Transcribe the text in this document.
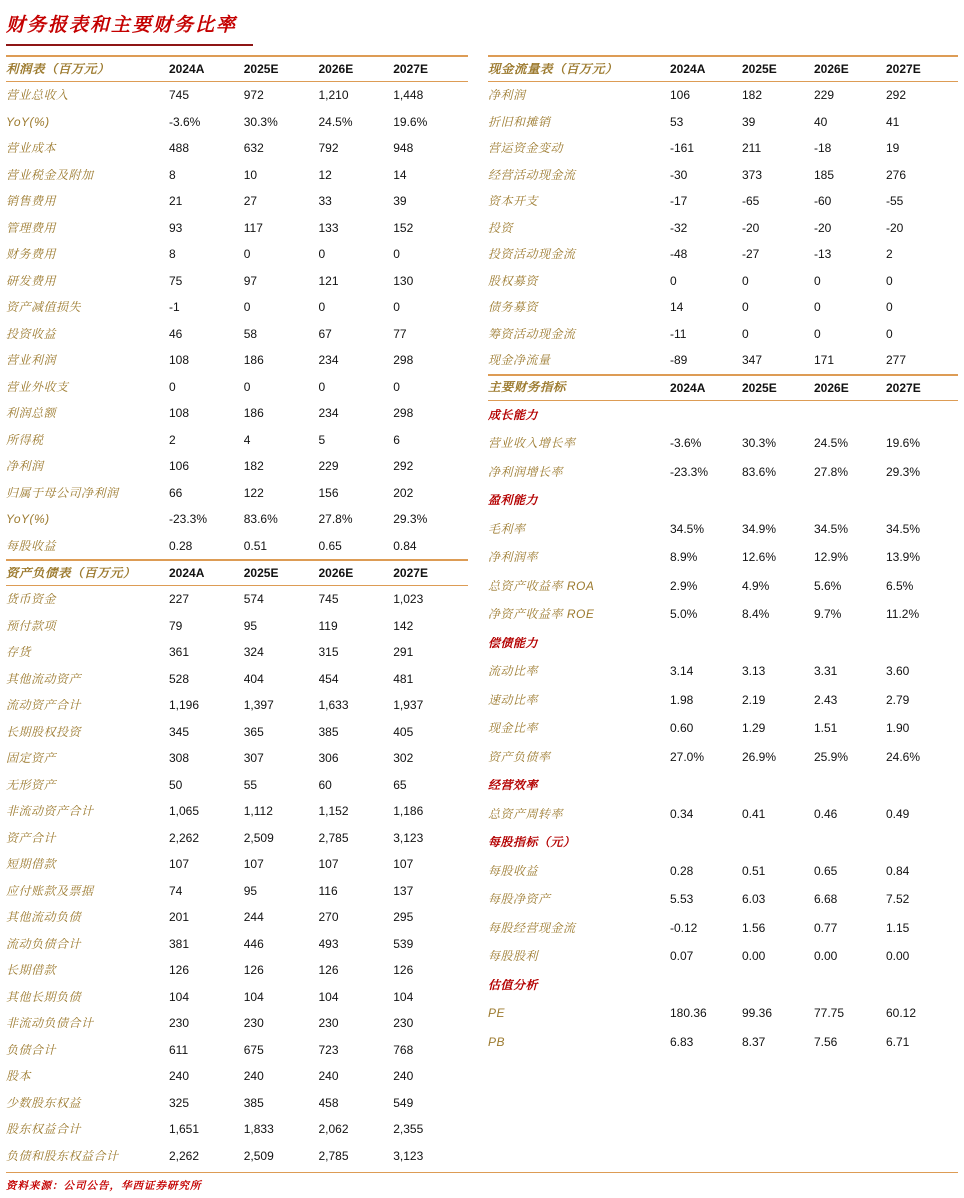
财务报表和主要财务比率
利润表（百万元）	2024A	2025E	2026E	2027E
营业总收入	745	972	1,210	1,448
YoY(%)	-3.6%	30.3%	24.5%	19.6%
营业成本	488	632	792	948
营业税金及附加	8	10	12	14
销售费用	21	27	33	39
管理费用	93	117	133	152
财务费用	8	0	0	0
研发费用	75	97	121	130
资产减值损失	-1	0	0	0
投资收益	46	58	67	77
营业利润	108	186	234	298
营业外收支	0	0	0	0
利润总额	108	186	234	298
所得税	2	4	5	6
净利润	106	182	229	292
归属于母公司净利润	66	122	156	202
YoY(%)	-23.3%	83.6%	27.8%	29.3%
每股收益	0.28	0.51	0.65	0.84
资产负债表（百万元）	2024A	2025E	2026E	2027E
货币资金	227	574	745	1,023
预付款项	79	95	119	142
存货	361	324	315	291
其他流动资产	528	404	454	481
流动资产合计	1,196	1,397	1,633	1,937
长期股权投资	345	365	385	405
固定资产	308	307	306	302
无形资产	50	55	60	65
非流动资产合计	1,065	1,112	1,152	1,186
资产合计	2,262	2,509	2,785	3,123
短期借款	107	107	107	107
应付账款及票据	74	95	116	137
其他流动负债	201	244	270	295
流动负债合计	381	446	493	539
长期借款	126	126	126	126
其他长期负债	104	104	104	104
非流动负债合计	230	230	230	230
负债合计	611	675	723	768
股本	240	240	240	240
少数股东权益	325	385	458	549
股东权益合计	1,651	1,833	2,062	2,355
负债和股东权益合计	2,262	2,509	2,785	3,123
现金流量表（百万元）	2024A	2025E	2026E	2027E
净利润	106	182	229	292
折旧和摊销	53	39	40	41
营运资金变动	-161	211	-18	19
经营活动现金流	-30	373	185	276
资本开支	-17	-65	-60	-55
投资	-32	-20	-20	-20
投资活动现金流	-48	-27	-13	2
股权募资	0	0	0	0
债务募资	14	0	0	0
筹资活动现金流	-11	0	0	0
现金净流量	-89	347	171	277
主要财务指标	2024A	2025E	2026E	2027E
成长能力
营业收入增长率	-3.6%	30.3%	24.5%	19.6%
净利润增长率	-23.3%	83.6%	27.8%	29.3%
盈利能力
毛利率	34.5%	34.9%	34.5%	34.5%
净利润率	8.9%	12.6%	12.9%	13.9%
总资产收益率 ROA	2.9%	4.9%	5.6%	6.5%
净资产收益率 ROE	5.0%	8.4%	9.7%	11.2%
偿债能力
流动比率	3.14	3.13	3.31	3.60
速动比率	1.98	2.19	2.43	2.79
现金比率	0.60	1.29	1.51	1.90
资产负债率	27.0%	26.9%	25.9%	24.6%
经营效率
总资产周转率	0.34	0.41	0.46	0.49
每股指标（元）
每股收益	0.28	0.51	0.65	0.84
每股净资产	5.53	6.03	6.68	7.52
每股经营现金流	-0.12	1.56	0.77	1.15
每股股利	0.07	0.00	0.00	0.00
估值分析
PE	180.36	99.36	77.75	60.12
PB	6.83	8.37	7.56	6.71
资料来源：公司公告，华西证券研究所
